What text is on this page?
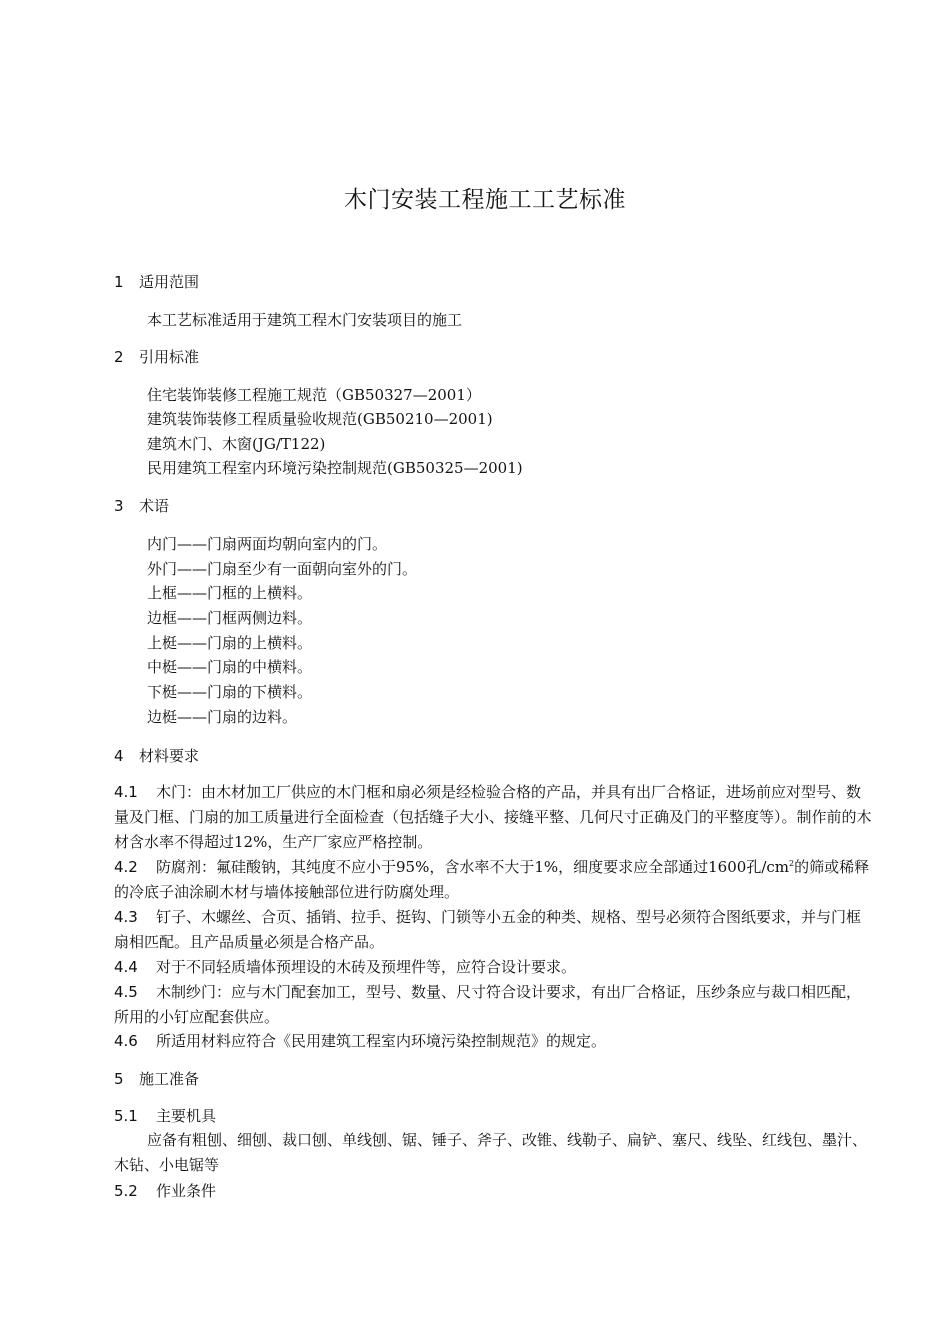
木门安装工程施工工艺标准
1 适用范围
本工艺标准适用于建筑工程木门安装项目的施工
2 引用标准
住宅装饰装修工程施工规范（GB50327—2001）
建筑装饰装修工程质量验收规范(GB50210—2001)
建筑木门、木窗(JG/T122)
民用建筑工程室内环境污染控制规范(GB50325—2001)
3 术语
内门——门扇两面均朝向室内的门。
外门——门扇至少有一面朝向室外的门。
上框——门框的上横料。
边框——门框两侧边料。
上梃——门扇的上横料。
中梃——门扇的中横料。
下梃——门扇的下横料。
边梃——门扇的边料。
4 材料要求
4.1 木门：由木材加工厂供应的木门框和扇必须是经检验合格的产品，并具有出厂合格证，进场前应对型号、数量及门框、门扇的加工质量进行全面检查（包括缝子大小、接缝平整、几何尺寸正确及门的平整度等）。制作前的木材含水率不得超过12%，生产厂家应严格控制。
4.2 防腐剂：氟硅酸钠，其纯度不应小于95%，含水率不大于1%，细度要求应全部通过1600孔$/cm^2$的筛或稀释的冷底子油涂刷木材与墙体接触部位进行防腐处理。
4.3 钉子、木螺丝、合页、插销、拉手、挺钩、门锁等小五金的种类、规格、型号必须符合图纸要求，并与门框扇相匹配。且产品质量必须是合格产品。
4.4 对于不同轻质墙体预埋设的木砖及预埋件等，应符合设计要求。
4.5 木制纱门：应与木门配套加工，型号、数量、尺寸符合设计要求，有出厂合格证，压纱条应与裁口相匹配，所用的小钉应配套供应。
4.6 所适用材料应符合《民用建筑工程室内环境污染控制规范》的规定。
5 施工准备
5.1 主要机具
应备有粗刨、细刨、裁口刨、单线刨、锯、锤子、斧子、改锥、线勒子、扁铲、塞尺、线坠、红线包、墨汁、木钻、小电锯等
5.2 作业条件
